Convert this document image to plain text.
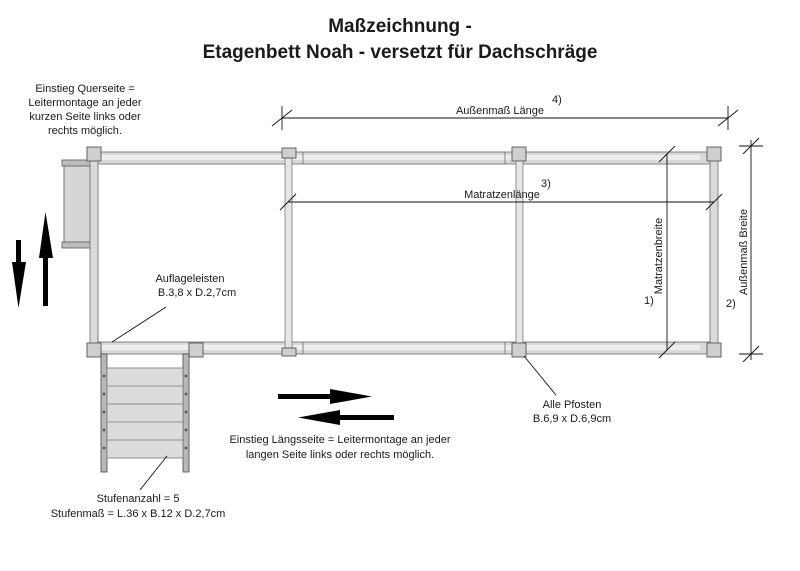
Maßzeichnung -
Etagenbett Noah - versetzt für Dachschräge
Einstieg Querseite =
Leitermontage an jeder
kurzen Seite links oder
rechts möglich.
Außenmaß Länge
4)
Matratzenlänge
3)
Matratzenbreite
1)
Außenmaß Breite
2)
Auflageleisten
B.3,8 x D.2,7cm
Alle Pfosten
B.6,9 x D.6,9cm
Einstieg Längsseite = Leitermontage an jeder
langen Seite links oder rechts möglich.
Stufenanzahl = 5
Stufenmaß = L.36 x B.12 x D.2,7cm
